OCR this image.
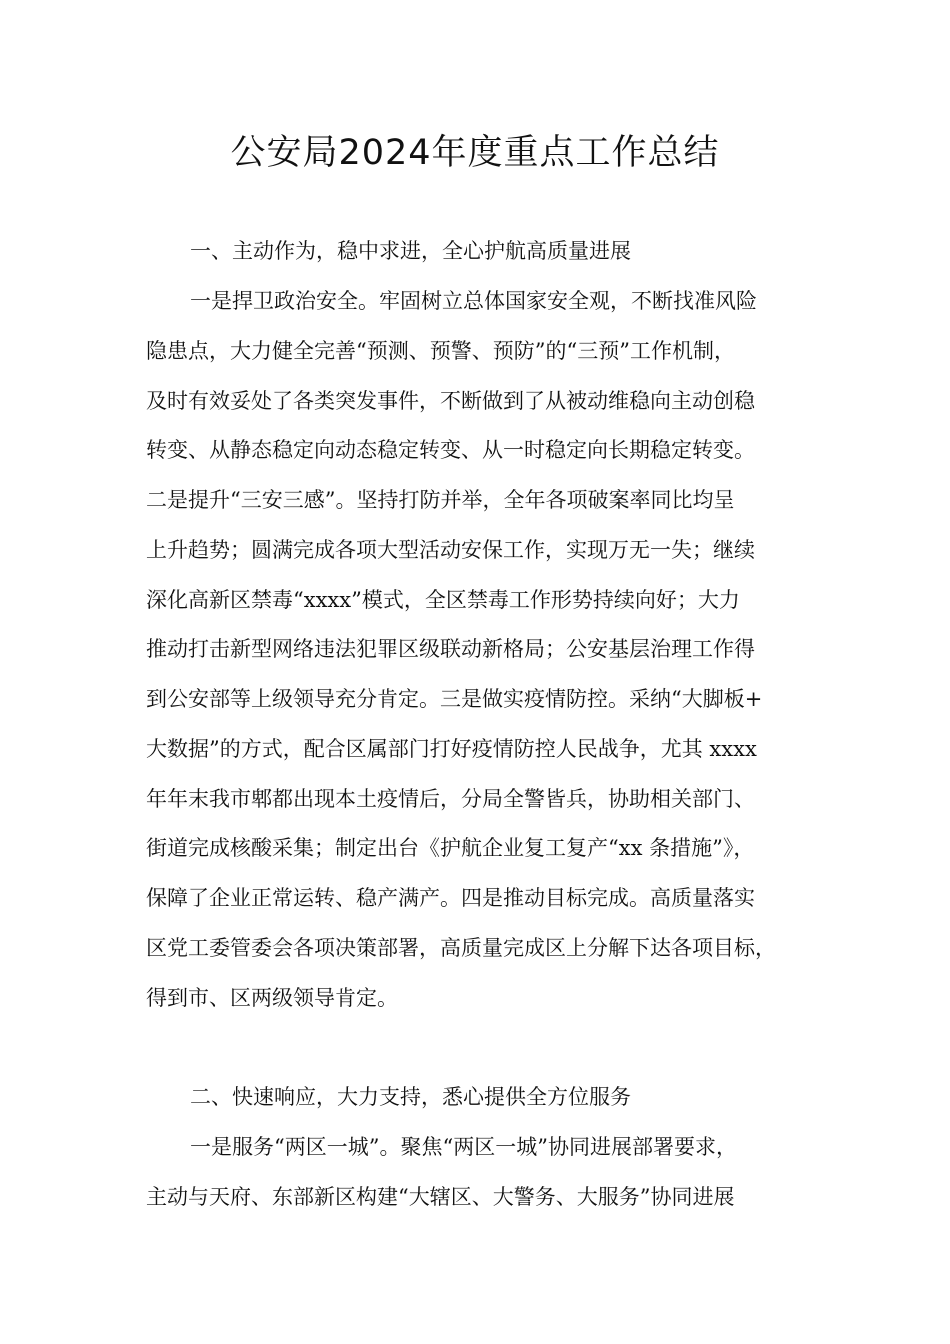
公安局2024年度重点工作总结

一、主动作为，稳中求进，全心护航高质量进展

一是捍卫政治安全。牢固树立总体国家安全观，不断找准风险

隐患点，大力健全完善“预测、预警、预防”的“三预”工作机制，

及时有效妥处了各类突发事件，不断做到了从被动维稳向主动创稳

转变、从静态稳定向动态稳定转变、从一时稳定向长期稳定转变。

二是提升“三安三感”。坚持打防并举，全年各项破案率同比均呈

上升趋势；圆满完成各项大型活动安保工作，实现万无一失；继续

深化高新区禁毒“xxxx”模式，全区禁毒工作形势持续向好；大力

推动打击新型网络违法犯罪区级联动新格局；公安基层治理工作得

到公安部等上级领导充分肯定。三是做实疫情防控。采纳“大脚板+

大数据”的方式，配合区属部门打好疫情防控人民战争，尤其 xxxx

年年末我市郫都出现本土疫情后，分局全警皆兵，协助相关部门、

街道完成核酸采集；制定出台《护航企业复工复产“xx 条措施”》，

保障了企业正常运转、稳产满产。四是推动目标完成。高质量落实

区党工委管委会各项决策部署，高质量完成区上分解下达各项目标，

得到市、区两级领导肯定。

二、快速响应，大力支持，悉心提供全方位服务

一是服务“两区一城”。聚焦“两区一城”协同进展部署要求，

主动与天府、东部新区构建“大辖区、大警务、大服务”协同进展
